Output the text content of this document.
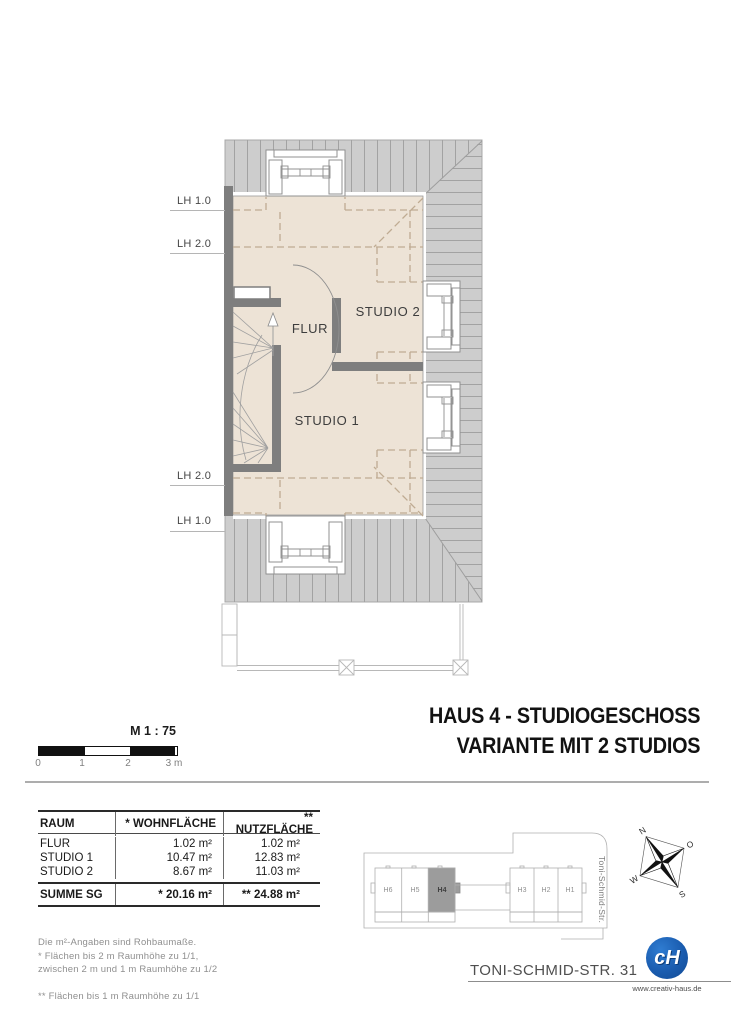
N
O
S
W
LH 1.0
LH 2.0
LH 2.0
LH 1.0
FLUR
STUDIO 2
STUDIO 1
M 1 : 75
0	1	2	3 m
HAUS 4 - STUDIOGESCHOSS
VARIANTE MIT 2 STUDIOS
RAUM	* WOHNFLÄCHE	** NUTZFLÄCHE
FLUR	1.02 m²	1.02 m²
STUDIO 1	10.47 m²	12.83 m²
STUDIO 2	8.67 m²	11.03 m²
SUMME SG	* 20.16 m²	** 24.88 m²
Die m²-Angaben sind Rohbaumaße.
* Flächen bis 2 m Raumhöhe zu 1/1,
zwischen 2 m und 1 m Raumhöhe zu 1/2
** Flächen bis 1 m Raumhöhe zu 1/1
H6	H5	H4	H3	H2	H1	Toni-Schmid-Str.
TONI-SCHMID-STR. 31
cH
www.creativ-haus.de
